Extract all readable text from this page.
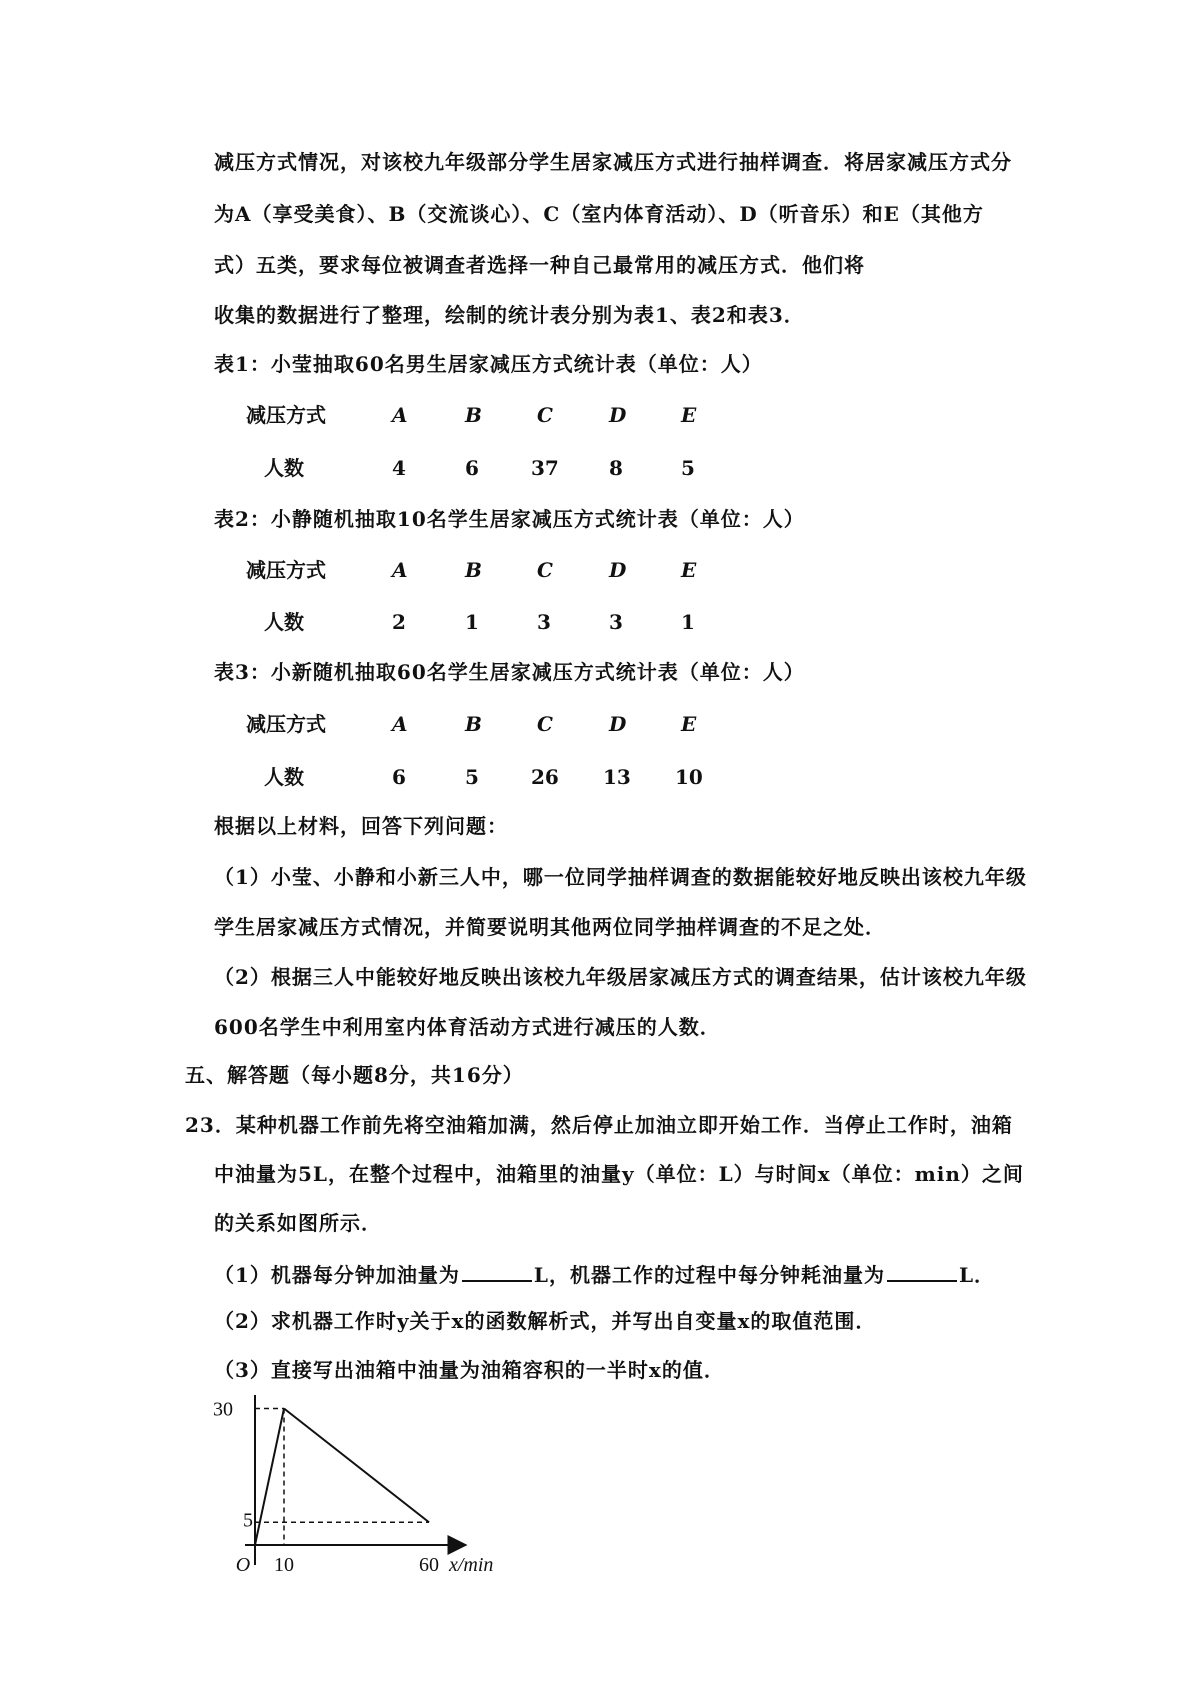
减压方式情况，对该校九年级部分学生居家减压方式进行抽样调查．将居家减压方式分
为A（享受美食）、B（交流谈心）、C（室内体育活动）、D（听音乐）和E（其他方
式）五类，要求每位被调查者选择一种自己最常用的减压方式．他们将
收集的数据进行了整理，绘制的统计表分别为表1、表2和表3．
表1：小莹抽取60名男生居家减压方式统计表（单位：人）
减压方式	A	B	C	D	E
人数	4	6	37	8	5
表2：小静随机抽取10名学生居家减压方式统计表（单位：人）
减压方式	A	B	C	D	E
人数	2	1	3	3	1
表3：小新随机抽取60名学生居家减压方式统计表（单位：人）
减压方式	A	B	C	D	E
人数	6	5	26 13 10
根据以上材料，回答下列问题：
（1）小莹、小静和小新三人中，哪一位同学抽样调查的数据能较好地反映出该校九年级
学生居家减压方式情况，并简要说明其他两位同学抽样调查的不足之处．
（2）根据三人中能较好地反映出该校九年级居家减压方式的调查结果，估计该校九年级
600名学生中利用室内体育活动方式进行减压的人数．
五、解答题（每小题8分，共16分）
23．某种机器工作前先将空油箱加满，然后停止加油立即开始工作．当停止工作时，油箱
中油量为5L，在整个过程中，油箱里的油量y（单位：L）与时间x（单位：min）之间
的关系如图所示．
（1）机器每分钟加油量为	L，机器工作的过程中每分钟耗油量为	L．
（2）求机器工作时y关于x的函数解析式，并写出自变量x的取值范围．
（3）直接写出油箱中油量为油箱容积的一半时x的值．
30
5
10	60
O	x/min
